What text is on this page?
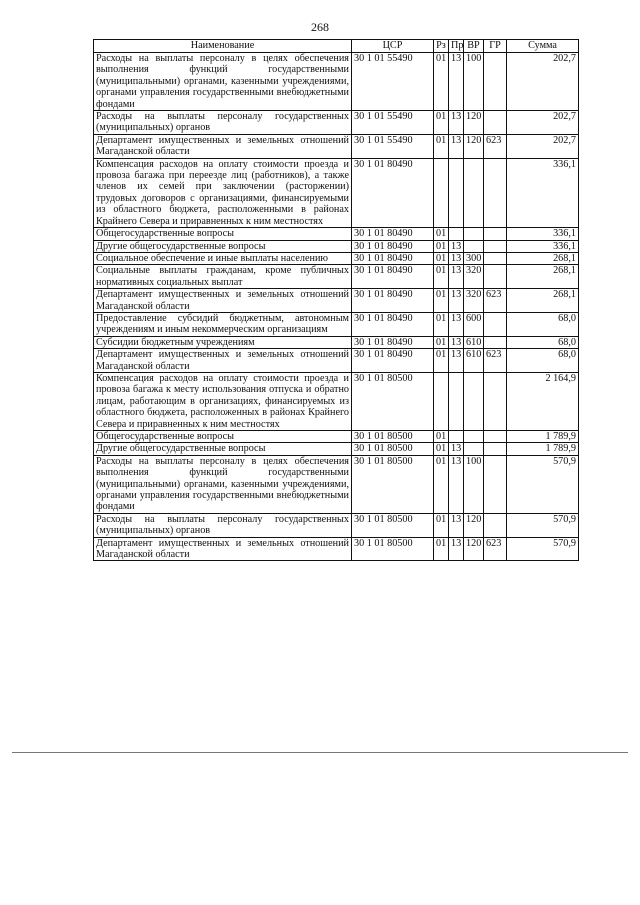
268
Наименование	ЦСР	Рз	Пр	ВР	ГР	Сумма
Расходы на выплаты персоналу в целях обеспечения выполнения функций государственными (муниципальными) органами, казенными учреждениями, органами управления государственными внебюджетными фондами	30 1 01 55490	01	13	100		202,7
Расходы на выплаты персоналу государственных (муниципальных) органов	30 1 01 55490	01	13	120		202,7
Департамент имущественных и земельных отношений Магаданской области	30 1 01 55490	01	13	120	623	202,7
Компенсация расходов на оплату стоимости проезда и провоза багажа при переезде лиц (работников), а также членов их семей при заключении (расторжении) трудовых договоров с организациями, финансируемыми из областного бюджета, расположенными в районах Крайнего Севера и приравненных к ним местностях	30 1 01 80490					336,1
Общегосударственные вопросы	30 1 01 80490	01				336,1
Другие общегосударственные вопросы	30 1 01 80490	01	13			336,1
Социальное обеспечение и иные выплаты населению	30 1 01 80490	01	13	300		268,1
Социальные выплаты гражданам, кроме публичных нормативных социальных выплат	30 1 01 80490	01	13	320		268,1
Департамент имущественных и земельных отношений Магаданской области	30 1 01 80490	01	13	320	623	268,1
Предоставление субсидий бюджетным, автономным учреждениям и иным некоммерческим организациям	30 1 01 80490	01	13	600		68,0
Субсидии бюджетным учреждениям	30 1 01 80490	01	13	610		68,0
Департамент имущественных и земельных отношений Магаданской области	30 1 01 80490	01	13	610	623	68,0
Компенсация расходов на оплату стоимости проезда и провоза багажа к месту использования отпуска и обратно лицам, работающим в организациях, финансируемых из областного бюджета, расположенных в районах Крайнего Севера и приравненных к ним местностях	30 1 01 80500					2 164,9
Общегосударственные вопросы	30 1 01 80500	01				1 789,9
Другие общегосударственные вопросы	30 1 01 80500	01	13			1 789,9
Расходы на выплаты персоналу в целях обеспечения выполнения функций государственными (муниципальными) органами, казенными учреждениями, органами управления государственными внебюджетными фондами	30 1 01 80500	01	13	100		570,9
Расходы на выплаты персоналу государственных (муниципальных) органов	30 1 01 80500	01	13	120		570,9
Департамент имущественных и земельных отношений Магаданской области	30 1 01 80500	01	13	120	623	570,9
